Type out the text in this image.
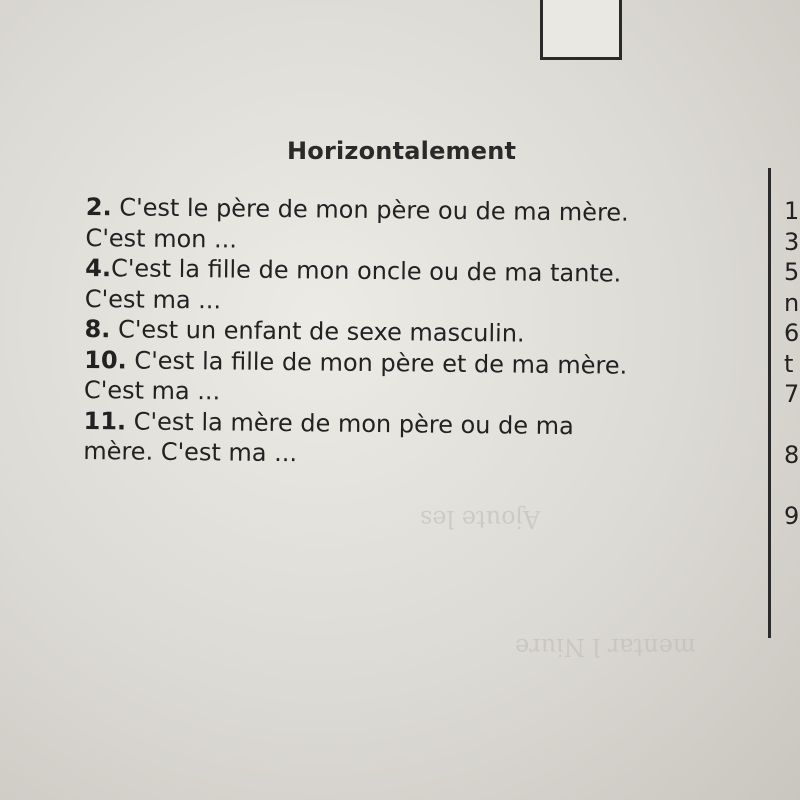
mentar l Niure
Ajoute les
Horizontalement
2. C'est le père de mon père ou de ma mère.
C'est mon ...
4.C'est la fille de mon oncle ou de ma tante.
C'est ma ...
8. C'est un enfant de sexe masculin.
10. C'est la fille de mon père et de ma mère.
C'est ma ...
11. C'est la mère de mon père ou de ma
mère. C'est ma ...
1
3
5
n
6
t
7
8
9
